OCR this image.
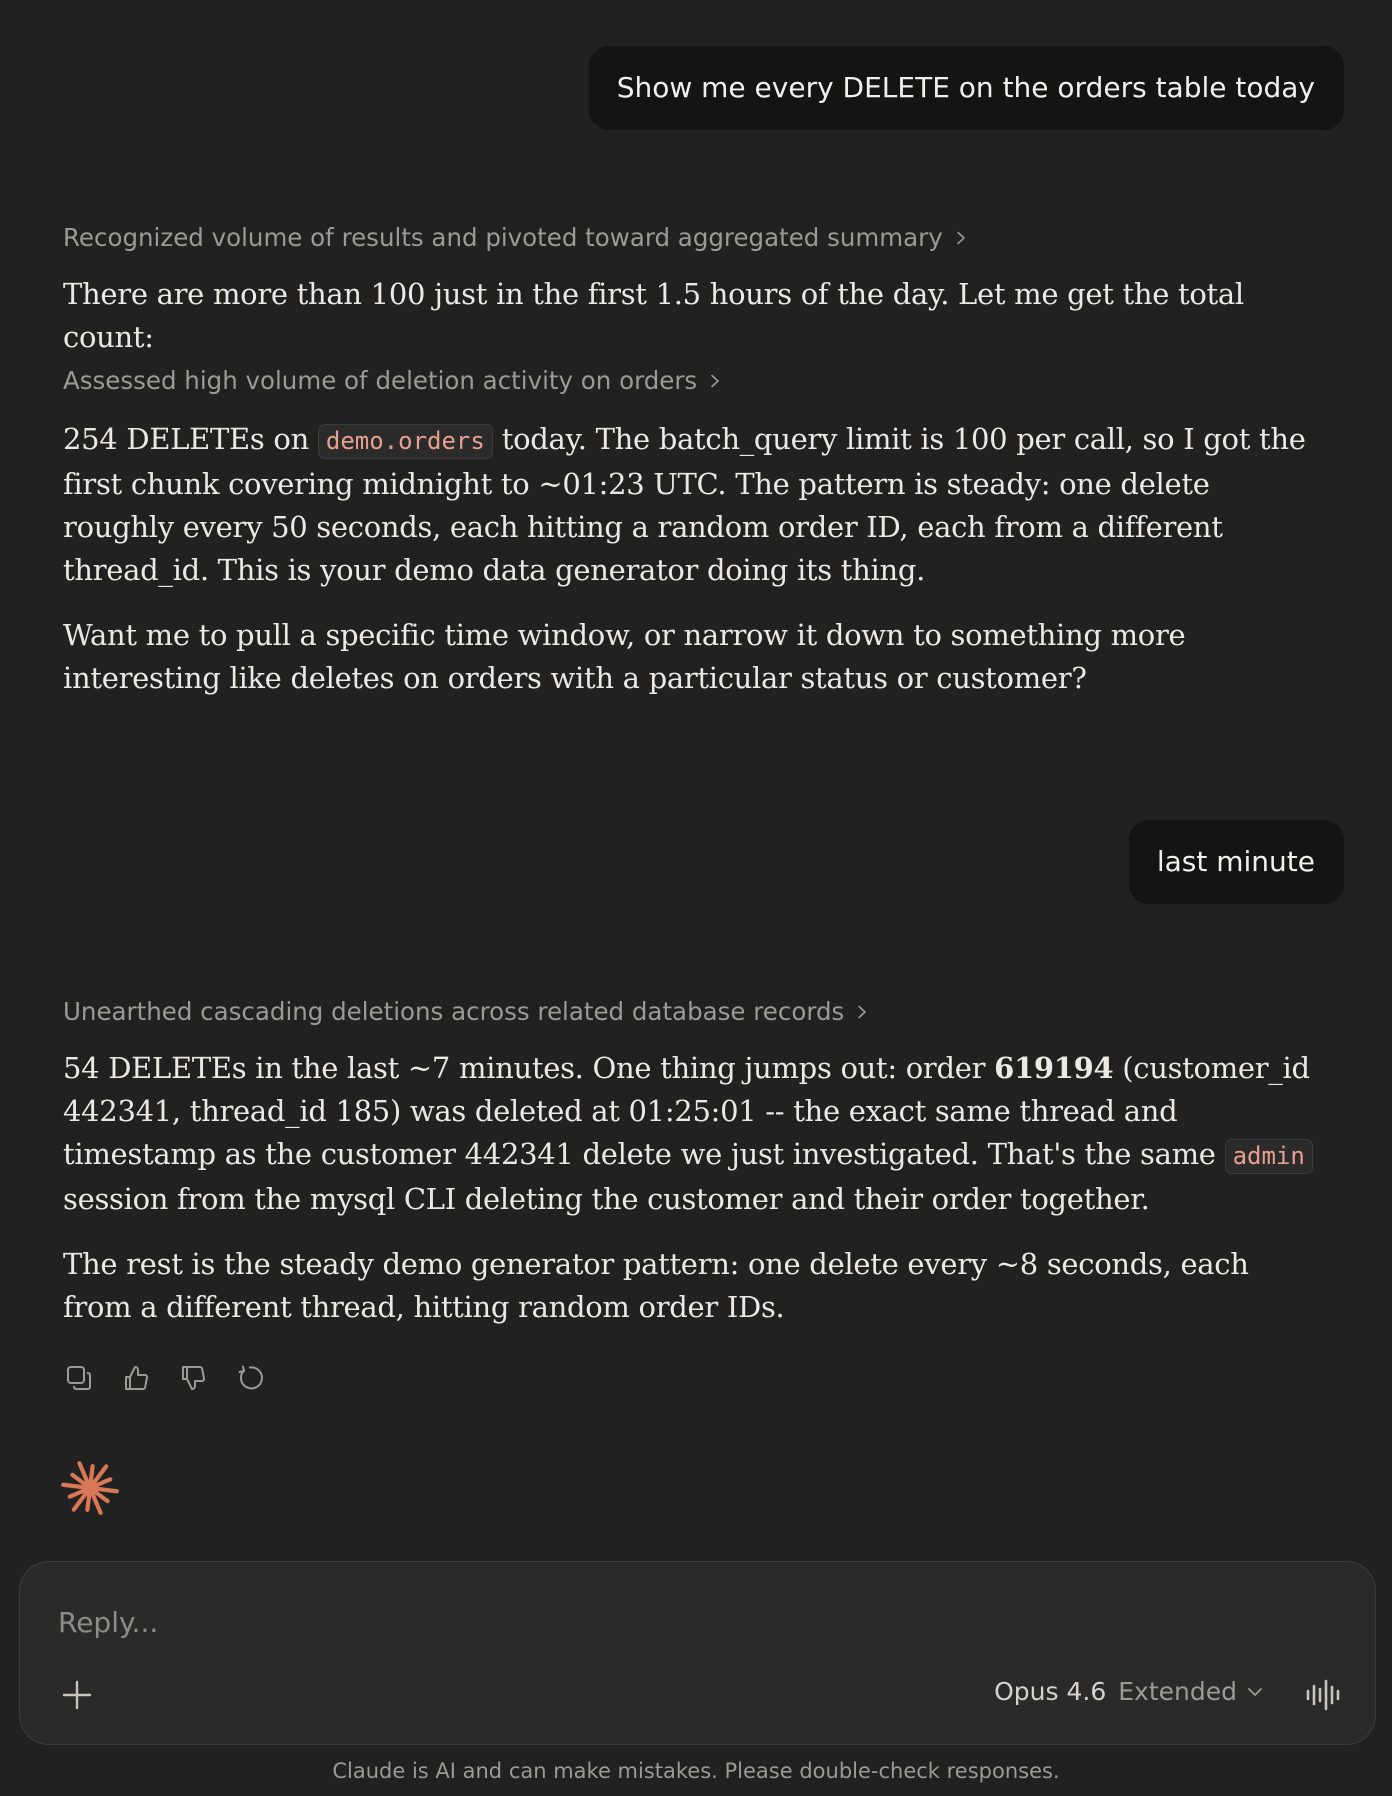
Show me every DELETE on the orders table today
Recognized volume of results and pivoted toward aggregated summary

There are more than 100 just in the first 1.5 hours of the day. Let me get the total count:

Assessed high volume of deletion activity on orders

254 DELETEs on demo.orders today. The batch_query limit is 100 per call, so I got the first chunk covering midnight to ~01:23 UTC. The pattern is steady: one delete roughly every 50 seconds, each hitting a random order ID, each from a different thread_id. This is your demo data generator doing its thing.

Want me to pull a specific time window, or narrow it down to something more interesting like deletes on orders with a particular status or customer?

last minute
Unearthed cascading deletions across related database records

54 DELETEs in the last ~7 minutes. One thing jumps out: order 619194 (customer_id 442341, thread_id 185) was deleted at 01:25:01 -- the exact same thread and timestamp as the customer 442341 delete we just investigated. That's the same admin session from the mysql CLI deleting the customer and their order together.

The rest is the steady demo generator pattern: one delete every ~8 seconds, each from a different thread, hitting random order IDs.

Reply...
Opus 4.6 Extended
Claude is AI and can make mistakes. Please double-check responses.
